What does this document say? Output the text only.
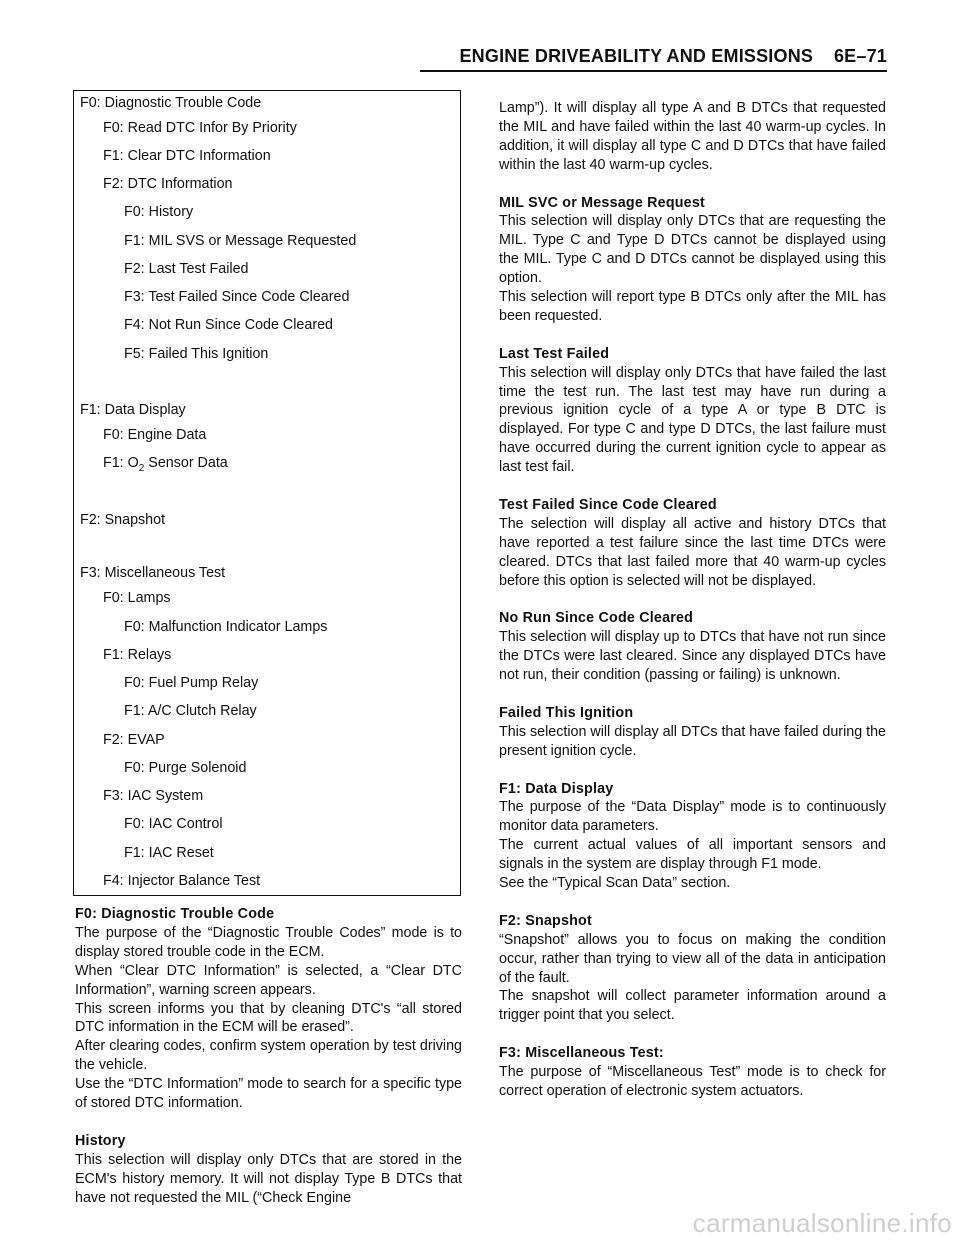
ENGINE DRIVEABILITY AND EMISSIONS 6E–71
F0: Diagnostic Trouble Code
F0: Read DTC Infor By Priority
F1: Clear DTC Information
F2: DTC Information
F0: History
F1: MIL SVS or Message Requested
F2: Last Test Failed
F3: Test Failed Since Code Cleared
F4: Not Run Since Code Cleared
F5: Failed This Ignition
F1: Data Display
F0: Engine Data
F1: $O_2$ Sensor Data
F2: Snapshot
F3: Miscellaneous Test
F0: Lamps
F0: Malfunction Indicator Lamps
F1: Relays
F0: Fuel Pump Relay
F1: A/C Clutch Relay
F2: EVAP
F0: Purge Solenoid
F3: IAC System
F0: IAC Control
F1: IAC Reset
F4: Injector Balance Test
F0: Diagnostic Trouble Code

The purpose of the “Diagnostic Trouble Codes” mode is to display stored trouble code in the ECM.

When “Clear DTC Information” is selected, a “Clear DTC Information”, warning screen appears.

This screen informs you that by cleaning DTC's “all stored DTC information in the ECM will be erased”.

After clearing codes, confirm system operation by test driving the vehicle.

Use the “DTC Information” mode to search for a specific type of stored DTC information.

History

This selection will display only DTCs that are stored in the ECM's history memory. It will not display Type B DTCs that have not requested the MIL (“Check Engine

Lamp”). It will display all type A and B DTCs that requested the MIL and have failed within the last 40 warm-up cycles. In addition, it will display all type C and D DTCs that have failed within the last 40 warm-up cycles.

MIL SVC or Message Request

This selection will display only DTCs that are requesting the MIL. Type C and Type D DTCs cannot be displayed using the MIL. Type C and D DTCs cannot be displayed using this option.

This selection will report type B DTCs only after the MIL has been requested.

Last Test Failed

This selection will display only DTCs that have failed the last time the test run. The last test may have run during a previous ignition cycle of a type A or type B DTC is displayed. For type C and type D DTCs, the last failure must have occurred during the current ignition cycle to appear as last test fail.

Test Failed Since Code Cleared

The selection will display all active and history DTCs that have reported a test failure since the last time DTCs were cleared. DTCs that last failed more that 40 warm-up cycles before this option is selected will not be displayed.

No Run Since Code Cleared

This selection will display up to DTCs that have not run since the DTCs were last cleared. Since any displayed DTCs have not run, their condition (passing or failing) is unknown.

Failed This Ignition

This selection will display all DTCs that have failed during the present ignition cycle.

F1: Data Display

The purpose of the “Data Display” mode is to continuously monitor data parameters.

The current actual values of all important sensors and signals in the system are display through F1 mode.

See the “Typical Scan Data” section.

F2: Snapshot

“Snapshot” allows you to focus on making the condition occur, rather than trying to view all of the data in anticipation of the fault.

The snapshot will collect parameter information around a trigger point that you select.

F3: Miscellaneous Test:

The purpose of “Miscellaneous Test” mode is to check for correct operation of electronic system actuators.

carmanualsonline.info
